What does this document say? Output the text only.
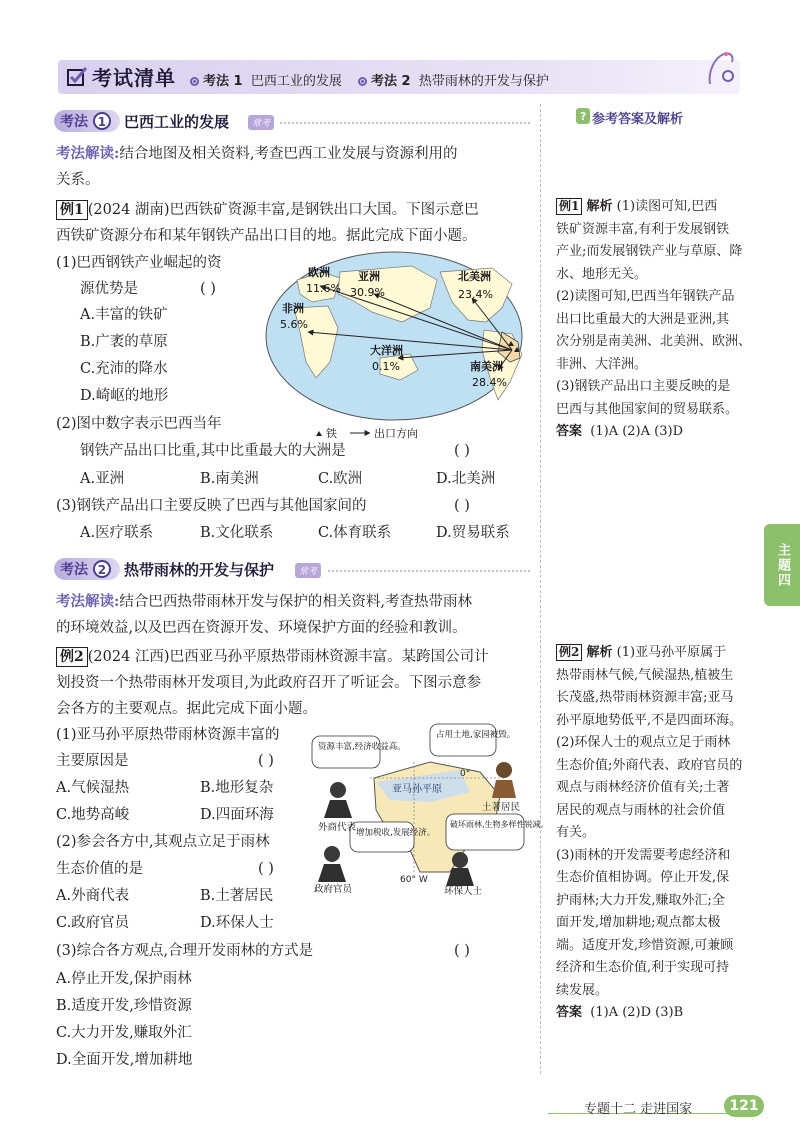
考试清单	考法 1 巴西工业的发展	考法 2 热带雨林的开发与保护
考法 1	巴西工业的发展	常考
考法解读:结合地图及相关资料,考查巴西工业发展与资源利用的
关系。
例1 (2024 湖南)巴西铁矿资源丰富,是钢铁出口大国。下图示意巴
西铁矿资源分布和某年钢铁产品出口目的地。据此完成下面小题。
(1)巴西钢铁产业崛起的资
源优势是	( )
A.丰富的铁矿
B.广袤的草原
C.充沛的降水
D.崎岖的地形
欧洲
11.6%
亚洲
30.9%
北美洲
23.4%
非洲
5.6%
大洋洲
0.1%	南美洲
28.4%
铁	出口方向
(2)图中数字表示巴西当年
钢铁产品出口比重,其中比重最大的大洲是	( )
A.亚洲	B.南美洲	C.欧洲	D.北美洲
(3)钢铁产品出口主要反映了巴西与其他国家间的	( )
A.医疗联系	B.文化联系	C.体育联系	D.贸易联系
考法 2	热带雨林的开发与保护	常考
考法解读:结合巴西热带雨林开发与保护的相关资料,考查热带雨林
的环境效益,以及巴西在资源开发、环境保护方面的经验和教训。
例2 (2024 江西)巴西亚马孙平原热带雨林资源丰富。某跨国公司计
划投资一个热带雨林开发项目,为此政府召开了听证会。下图示意参
会各方的主要观点。据此完成下面小题。
(1)亚马孙平原热带雨林资源丰富的
主要原因是	( )
A.气候湿热	B.地形复杂
C.地势高峻	D.四面环海
(2)参会各方中,其观点立足于雨林
生态价值的是	( )
A.外商代表	B.土著居民
C.政府官员	D.环保人士
(3)综合各方观点,合理开发雨林的方式是	( )
A.停止开发,保护雨林
B.适度开发,珍惜资源
C.大力开发,赚取外汇
D.全面开发,增加耕地
亚马孙平原
0°
60° W
资源丰富,经济收益高。
占用土地,家园被毁。
增加税收,发展经济。
破坏雨林,生物多样性锐减。
外商代表
土著居民
政府官员	环保人士
? 参考答案及解析
例1 解析 (1)读图可知,巴西
铁矿资源丰富,有利于发展钢铁
产业;而发展钢铁产业与草原、降
水、地形无关。
(2)读图可知,巴西当年钢铁产品
出口比重最大的大洲是亚洲,其
次分别是南美洲、北美洲、欧洲、
非洲、大洋洲。
(3)钢铁产品出口主要反映的是
巴西与其他国家间的贸易联系。
答案 (1)A (2)A (3)D
主题四
例2 解析 (1)亚马孙平原属于
热带雨林气候,气候湿热,植被生
长茂盛,热带雨林资源丰富;亚马
孙平原地势低平,不是四面环海。
(2)环保人士的观点立足于雨林
生态价值;外商代表、政府官员的
观点与雨林经济价值有关;土著
居民的观点与雨林的社会价值
有关。
(3)雨林的开发需要考虑经济和
生态价值相协调。停止开发,保
护雨林;大力开发,赚取外汇;全
面开发,增加耕地;观点都太极
端。适度开发,珍惜资源,可兼顾
经济和生态价值,利于实现可持
续发展。
答案 (1)A (2)D (3)B
专题十二 走进国家	121
